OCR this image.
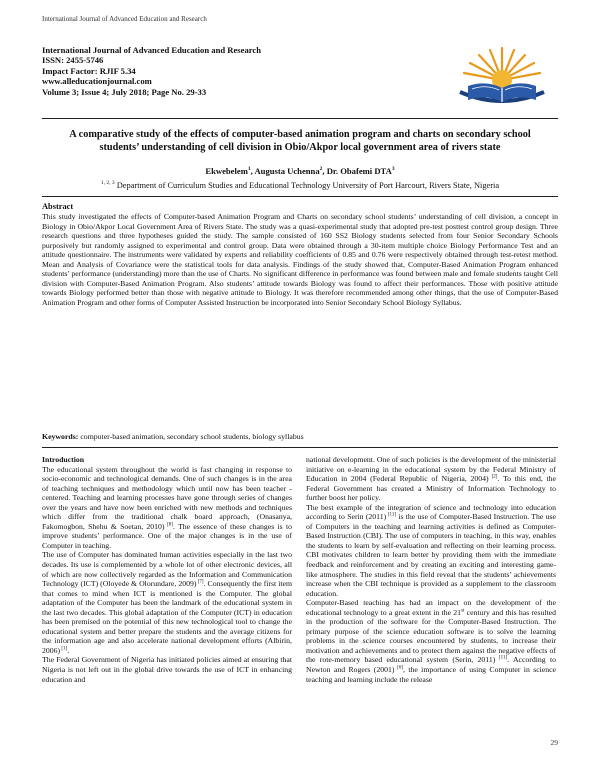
International Journal of Advanced Education and Research
International Journal of Advanced Education and Research
ISSN: 2455-5746
Impact Factor: RJIF 5.34
www.alleducationjournal.com
Volume 3; Issue 4; July 2018; Page No. 29-33
A comparative study of the effects of computer-based animation program and charts on secondary school students’ understanding of cell division in Obio/Akpor local government area of rivers state
Ekwebelem$^1$, Augusta Uchenna$^2$, Dr. Obafemi DTA$^3$
$^{1, 2, 3}$ Department of Curriculum Studies and Educational Technology University of Port Harcourt, Rivers State, Nigeria
Abstract
This study investigated the effects of Computer-based Animation Program and Charts on secondary school students’ understanding of cell division, a concept in Biology in Obio/Akpor Local Government Area of Rivers State. The study was a quasi-experimental study that adopted pre-test posttest control group design. Three research questions and three hypotheses guided the study. The sample consisted of 160 SS2 Biology students selected from four Senior Secondary Schools purposively but randomly assigned to experimental and control group. Data were obtained through a 30-item multiple choice Biology Performance Test and an attitude questionnaire. The instruments were validated by experts and reliability coefficients of 0.85 and 0.76 were respectively obtained through test-retest method. Mean and Analysis of Covariance were the statistical tools for data analysis. Findings of the study showed that, Computer-Based Animation Program enhanced students’ performance (understanding) more than the use of Charts. No significant difference in performance was found between male and female students taught Cell division with Computer-Based Animation Program. Also students’ attitude towards Biology was found to affect their performances. Those with positive attitude towards Biology performed better than those with negative attitude to Biology. It was therefore recommended among other things, that the use of Computer-Based Animation Program and other forms of Computer Assisted Instruction be incorporated into Senior Secondary School Biology Syllabus.
Keywords: computer-based animation, secondary school students, biology syllabus

Introduction

The educational system throughout the world is fast changing in response to socio-economic and technological demands. One of such changes is in the area of teaching techniques and methodology which until now has been teacher - centered. Teaching and learning processes have gone through series of changes over the years and have now been enriched with new methods and techniques which differ from the traditional chalk board approach, (Onasanya, Fakomogbon, Shehu & Soetan, 2010) [8]. The essence of these changes is to improve students’ performance. One of the major changes is in the use of Computer in teaching.

The use of Computer has dominated human activities especially in the last two decades. Its use is complemented by a whole lot of other electronic devices, all of which are now collectively regarded as the Information and Communication Technology (ICT) (Oloyede & Olorundare, 2009) [7]. Consequently the first item that comes to mind when ICT is mentioned is the Computer. The global adaptation of the Computer has been the landmark of the educational system in the last two decades. This global adaptation of the Computer (ICT) in education has been premised on the potential of this new technological tool to change the educational system and better prepare the students and the average citizens for the information age and also accelerate national development efforts (Albirin, 2006) [1].

The Federal Government of Nigeria has initiated policies aimed at ensuring that Nigeria is not left out in the global drive towards the use of ICT in enhancing education and

national development. One of such policies is the development of the ministerial initiative on e-learning in the educational system by the Federal Ministry of Education in 2004 (Federal Republic of Nigeria, 2004) [2]. To this end, the Federal Government has created a Ministry of Information Technology to further boost her policy.

The best example of the integration of science and technology into education according to Serin (2011) [11] is the use of Computer-Based Instruction. The use of Computers in the teaching and learning activities is defined as Computer-Based Instruction (CBI). The use of computers in teaching, in this way, enables the students to learn by self-evaluation and reflecting on their learning process. CBI motivates children to learn better by providing them with the immediate feedback and reinforcement and by creating an exciting and interesting game-like atmosphere. The studies in this field reveal that the students’ achievements increase when the CBI technique is provided as a supplement to the classroom education.

Computer-Based teaching has had an impact on the development of the educational technology to a great extent in the 21st century and this has resulted in the production of the software for the Computer-Based Instruction. The primary purpose of the science education software is to solve the learning problems in the science courses encountered by students, to increase their motivation and achievements and to protect them against the negative effects of the rote-memory based educational system (Serin, 2011) [11]. According to Newton and Rogers (2001) [6], the importance of using Computer in science teaching and learning include the release

29
